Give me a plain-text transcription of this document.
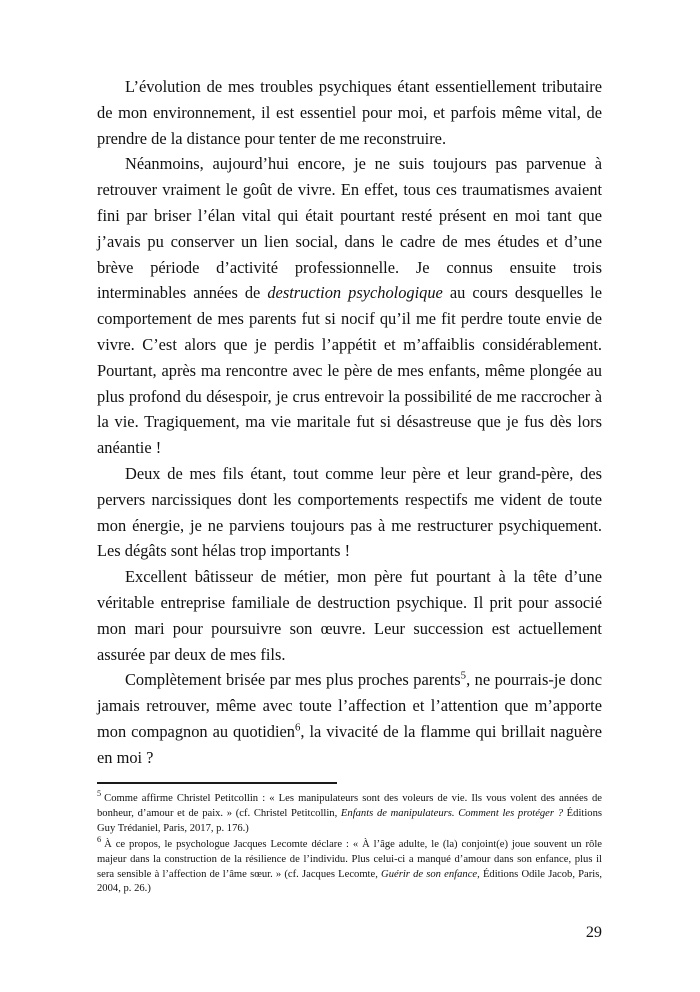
L’évolution de mes troubles psychiques étant essentiellement tributaire de mon environnement, il est essentiel pour moi, et parfois même vital, de prendre de la distance pour tenter de me reconstruire.

Néanmoins, aujourd’hui encore, je ne suis toujours pas parvenue à retrouver vraiment le goût de vivre. En effet, tous ces traumatismes avaient fini par briser l’élan vital qui était pourtant resté présent en moi tant que j’avais pu conserver un lien social, dans le cadre de mes études et d’une brève période d’activité professionnelle. Je connus ensuite trois interminables années de destruction psychologique au cours desquelles le comportement de mes parents fut si nocif qu’il me fit perdre toute envie de vivre. C’est alors que je perdis l’appétit et m’affaiblis considérablement. Pourtant, après ma rencontre avec le père de mes enfants, même plongée au plus profond du désespoir, je crus entrevoir la possibilité de me raccrocher à la vie. Tragiquement, ma vie maritale fut si désastreuse que je fus dès lors anéantie !

Deux de mes fils étant, tout comme leur père et leur grand-père, des pervers narcissiques dont les comportements respectifs me vident de toute mon énergie, je ne parviens toujours pas à me restructurer psychiquement. Les dégâts sont hélas trop importants !

Excellent bâtisseur de métier, mon père fut pourtant à la tête d’une véritable entreprise familiale de destruction psychique. Il prit pour associé mon mari pour poursuivre son œuvre. Leur succession est actuellement assurée par deux de mes fils.

Complètement brisée par mes plus proches parents$^5$, ne pourrais-je donc jamais retrouver, même avec toute l’affection et l’attention que m’apporte mon compagnon au quotidien$^6$, la vivacité de la flamme qui brillait naguère en moi ?

$^5$ Comme affirme Christel Petitcollin : « Les manipulateurs sont des voleurs de vie. Ils vous volent des années de bonheur, d’amour et de paix. » (cf. Christel Petitcollin, Enfants de manipulateurs. Comment les protéger ? Éditions Guy Trédaniel, Paris, 2017, p. 176.)

$^6$ À ce propos, le psychologue Jacques Lecomte déclare : « À l’âge adulte, le (la) conjoint(e) joue souvent un rôle majeur dans la construction de la résilience de l’individu. Plus celui-ci a manqué d’amour dans son enfance, plus il sera sensible à l’affection de l’âme sœur. » (cf. Jacques Lecomte, Guérir de son enfance, Éditions Odile Jacob, Paris, 2004, p. 26.)

29
